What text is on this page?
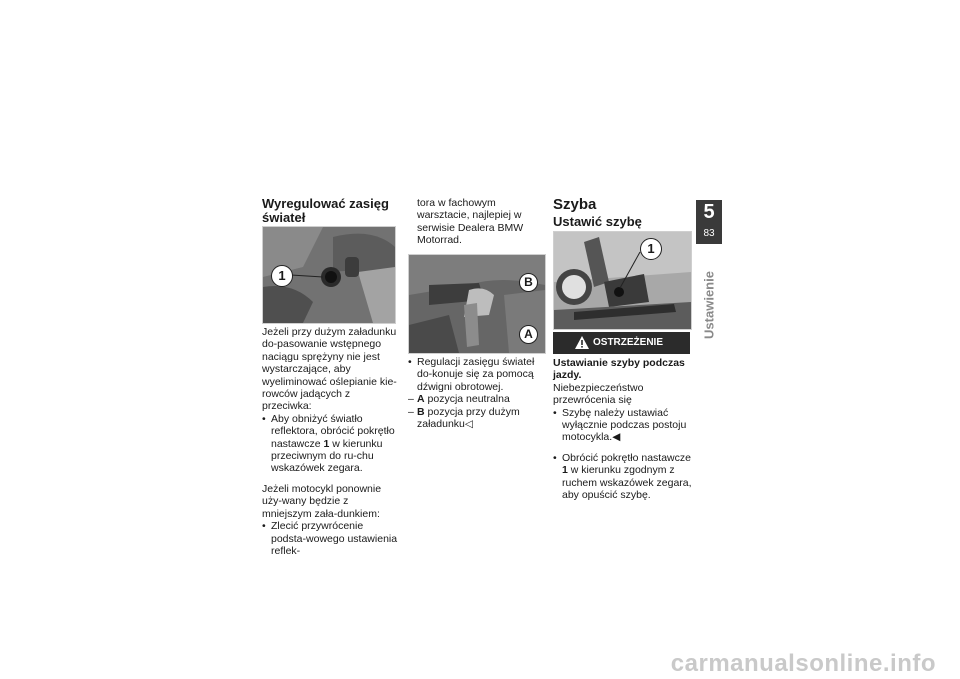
Wyregulować zasięg świateł
1
Jeżeli przy dużym załadunku do-pasowanie wstępnego naciągu sprężyny nie jest wystarczające, aby wyeliminować oślepianie kie-rowców jadących z przeciwka:
• Aby obniżyć światło reflektora, obrócić pokrętło nastawcze 1 w kierunku przeciwnym do ru-chu wskazówek zegara.
Jeżeli motocykl ponownie uży-wany będzie z mniejszym zała-dunkiem:
• Zlecić przywrócenie podsta-wowego ustawienia reflek-
tora w fachowym warsztacie, najlepiej w serwisie Dealera BMW Motorrad.
–
B
A
• Regulacji zasięgu świateł do-konuje się za pomocą dźwigni obrotowej.
– A pozycja neutralna
– B pozycja przy dużym załadunku◁
Szyba
Ustawić szybę
1
OSTRZEŻENIE
Ustawianie szyby podczas jazdy.
Niebezpieczeństwo przewrócenia się
• Szybę należy ustawiać wyłącznie podczas postoju motocykla.◀
• Obrócić pokrętło nastawcze 1 w kierunku zgodnym z ruchem wskazówek zegara, aby opuścić szybę.
5
83
Ustawienie
carmanualsonline.info
